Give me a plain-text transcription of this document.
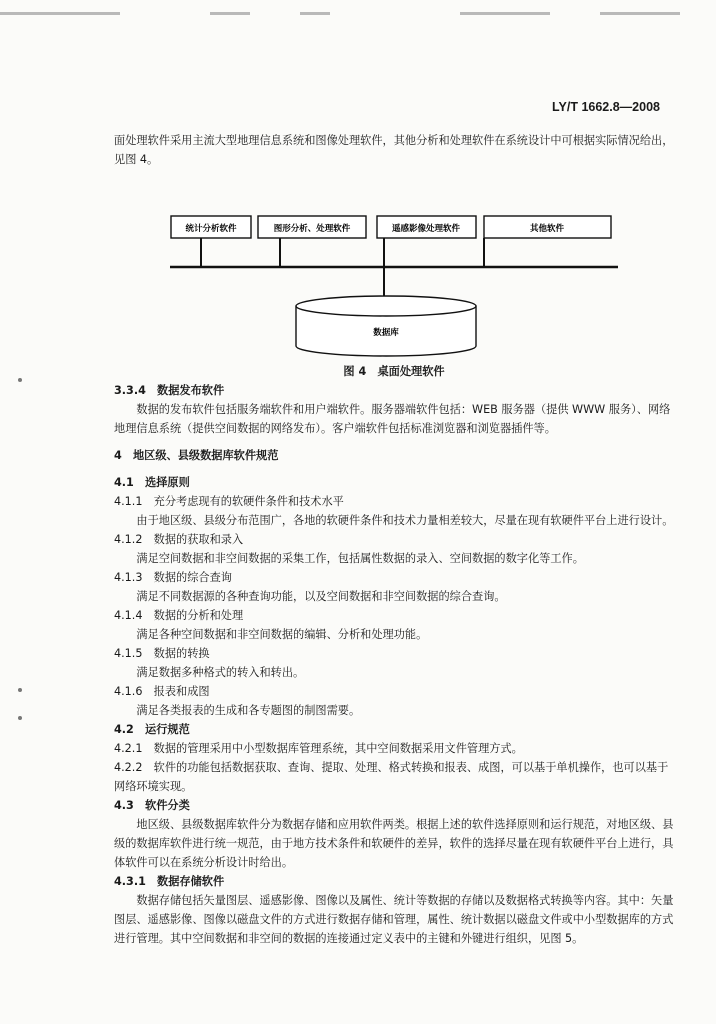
LY/T 1662.8—2008

面处理软件采用主流大型地理信息系统和图像处理软件，其他分析和处理软件在系统设计中可根据实际情况给出，见图 4。

统计分析软件	图形分析、处理软件	遥感影像处理软件	其他软件
数据库

图 4　桌面处理软件

3.3.4　数据发布软件

数据的发布软件包括服务端软件和用户端软件。服务器端软件包括：WEB 服务器（提供 WWW 服务）、网络地理信息系统（提供空间数据的网络发布）。客户端软件包括标准浏览器和浏览器插件等。

4　地区级、县级数据库软件规范

4.1　选择原则

4.1.1　充分考虑现有的软硬件条件和技术水平

由于地区级、县级分布范围广，各地的软硬件条件和技术力量相差较大，尽量在现有软硬件平台上进行设计。

4.1.2　数据的获取和录入

满足空间数据和非空间数据的采集工作，包括属性数据的录入、空间数据的数字化等工作。

4.1.3　数据的综合查询

满足不同数据源的各种查询功能，以及空间数据和非空间数据的综合查询。

4.1.4　数据的分析和处理

满足各种空间数据和非空间数据的编辑、分析和处理功能。

4.1.5　数据的转换

满足数据多种格式的转入和转出。

4.1.6　报表和成图

满足各类报表的生成和各专题图的制图需要。

4.2　运行规范

4.2.1　数据的管理采用中小型数据库管理系统，其中空间数据采用文件管理方式。

4.2.2　软件的功能包括数据获取、查询、提取、处理、格式转换和报表、成图，可以基于单机操作，也可以基于网络环境实现。

4.3　软件分类

地区级、县级数据库软件分为数据存储和应用软件两类。根据上述的软件选择原则和运行规范，对地区级、县级的数据库软件进行统一规范，由于地方技术条件和软硬件的差异，软件的选择尽量在现有软硬件平台上进行，具体软件可以在系统分析设计时给出。

4.3.1　数据存储软件

数据存储包括矢量图层、遥感影像、图像以及属性、统计等数据的存储以及数据格式转换等内容。其中：矢量图层、遥感影像、图像以磁盘文件的方式进行数据存储和管理，属性、统计数据以磁盘文件或中小型数据库的方式进行管理。其中空间数据和非空间的数据的连接通过定义表中的主键和外键进行组织，见图 5。
